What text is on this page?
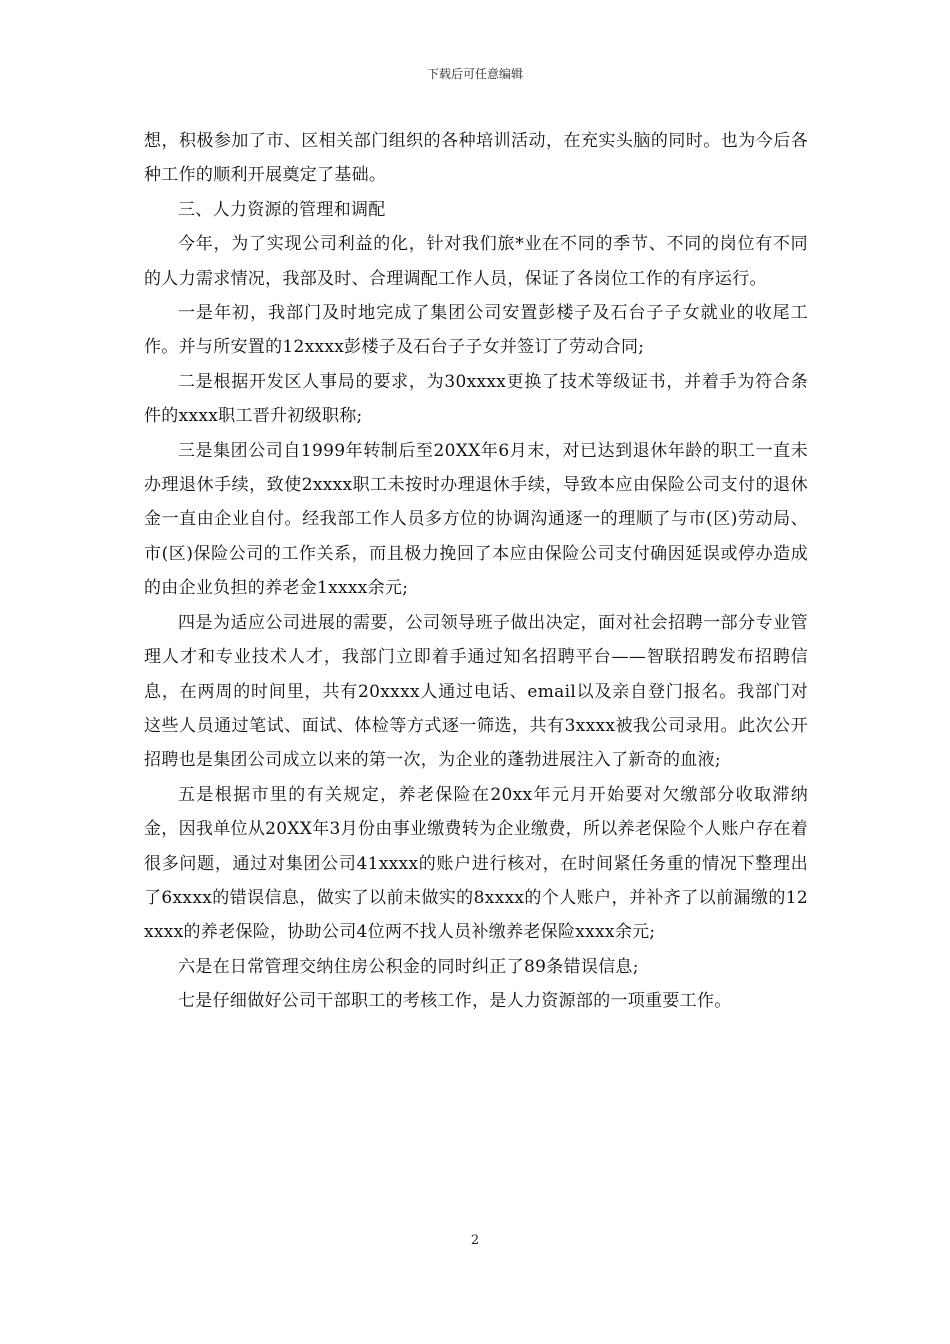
下载后可任意编辑

想，积极参加了市、区相关部门组织的各种培训活动，在充实头脑的同时。也为今后各种工作的顺利开展奠定了基础。

三、人力资源的管理和调配

今年，为了实现公司利益的化，针对我们旅*业在不同的季节、不同的岗位有不同的人力需求情况，我部及时、合理调配工作人员，保证了各岗位工作的有序运行。

一是年初，我部门及时地完成了集团公司安置彭楼子及石台子子女就业的收尾工作。并与所安置的12xxxx彭楼子及石台子子女并签订了劳动合同;

二是根据开发区人事局的要求，为30xxxx更换了技术等级证书，并着手为符合条件的xxxx职工晋升初级职称;

三是集团公司自1999年转制后至20XX年6月末，对已达到退休年龄的职工一直未办理退休手续，致使2xxxx职工未按时办理退休手续，导致本应由保险公司支付的退休金一直由企业自付。经我部工作人员多方位的协调沟通逐一的理顺了与市(区)劳动局、市(区)保险公司的工作关系，而且极力挽回了本应由保险公司支付确因延误或停办造成的由企业负担的养老金1xxxx余元;

四是为适应公司进展的需要，公司领导班子做出决定，面对社会招聘一部分专业管理人才和专业技术人才，我部门立即着手通过知名招聘平台——智联招聘发布招聘信息，在两周的时间里，共有20xxxx人通过电话、email以及亲自登门报名。我部门对这些人员通过笔试、面试、体检等方式逐一筛选，共有3xxxx被我公司录用。此次公开招聘也是集团公司成立以来的第一次，为企业的蓬勃进展注入了新奇的血液;

五是根据市里的有关规定，养老保险在20xx年元月开始要对欠缴部分收取滞纳金，因我单位从20XX年3月份由事业缴费转为企业缴费，所以养老保险个人账户存在着很多问题，通过对集团公司41xxxx的账户进行核对，在时间紧任务重的情况下整理出了6xxxx的错误信息，做实了以前未做实的8xxxx的个人账户，并补齐了以前漏缴的12xxxx的养老保险，协助公司4位两不找人员补缴养老保险xxxx余元;

六是在日常管理交纳住房公积金的同时纠正了89条错误信息;

七是仔细做好公司干部职工的考核工作，是人力资源部的一项重要工作。

2
